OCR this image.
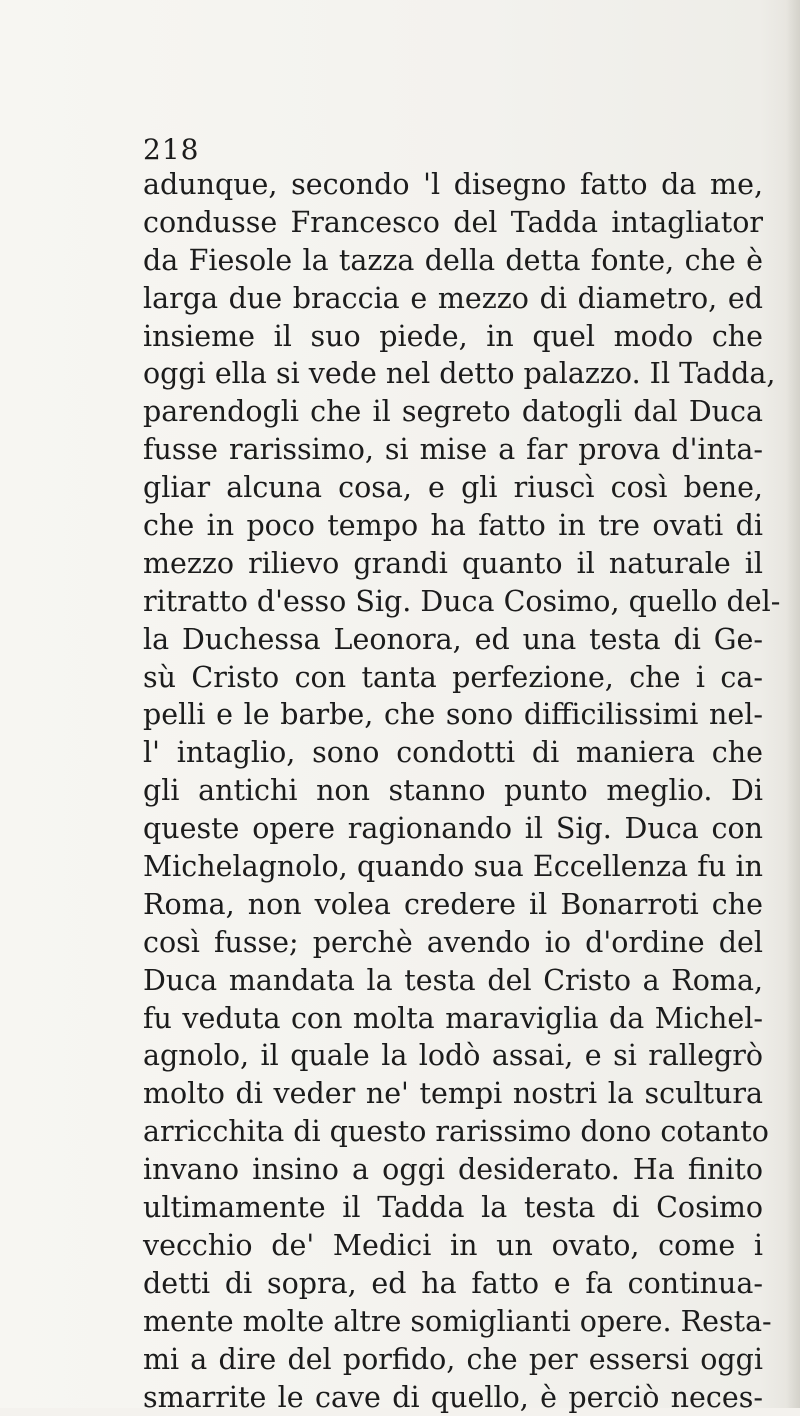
218
adunque, secondo 'l disegno fatto da me,
condusse Francesco del Tadda intagliator
da Fiesole la tazza della detta fonte, che è
larga due braccia e mezzo di diametro, ed
insieme il suo piede, in quel modo che
oggi ella si vede nel detto palazzo. Il Tadda,
parendogli che il segreto datogli dal Duca
fusse rarissimo, si mise a far prova d'inta-
gliar alcuna cosa, e gli riuscì così bene,
che in poco tempo ha fatto in tre ovati di
mezzo rilievo grandi quanto il naturale il
ritratto d'esso Sig. Duca Cosimo, quello del-
la Duchessa Leonora, ed una testa di Ge-
sù Cristo con tanta perfezione, che i ca-
pelli e le barbe, che sono difficilissimi nel-
l' intaglio, sono condotti di maniera che
gli antichi non stanno punto meglio. Di
queste opere ragionando il Sig. Duca con
Michelagnolo, quando sua Eccellenza fu in
Roma, non volea credere il Bonarroti che
così fusse; perchè avendo io d'ordine del
Duca mandata la testa del Cristo a Roma,
fu veduta con molta maraviglia da Michel-
agnolo, il quale la lodò assai, e si rallegrò
molto di veder ne' tempi nostri la scultura
arricchita di questo rarissimo dono cotanto
invano insino a oggi desiderato. Ha finito
ultimamente il Tadda la testa di Cosimo
vecchio de' Medici in un ovato, come i
detti di sopra, ed ha fatto e fa continua-
mente molte altre somiglianti opere. Resta-
mi a dire del porfido, che per essersi oggi
smarrite le cave di quello, è perciò neces-
